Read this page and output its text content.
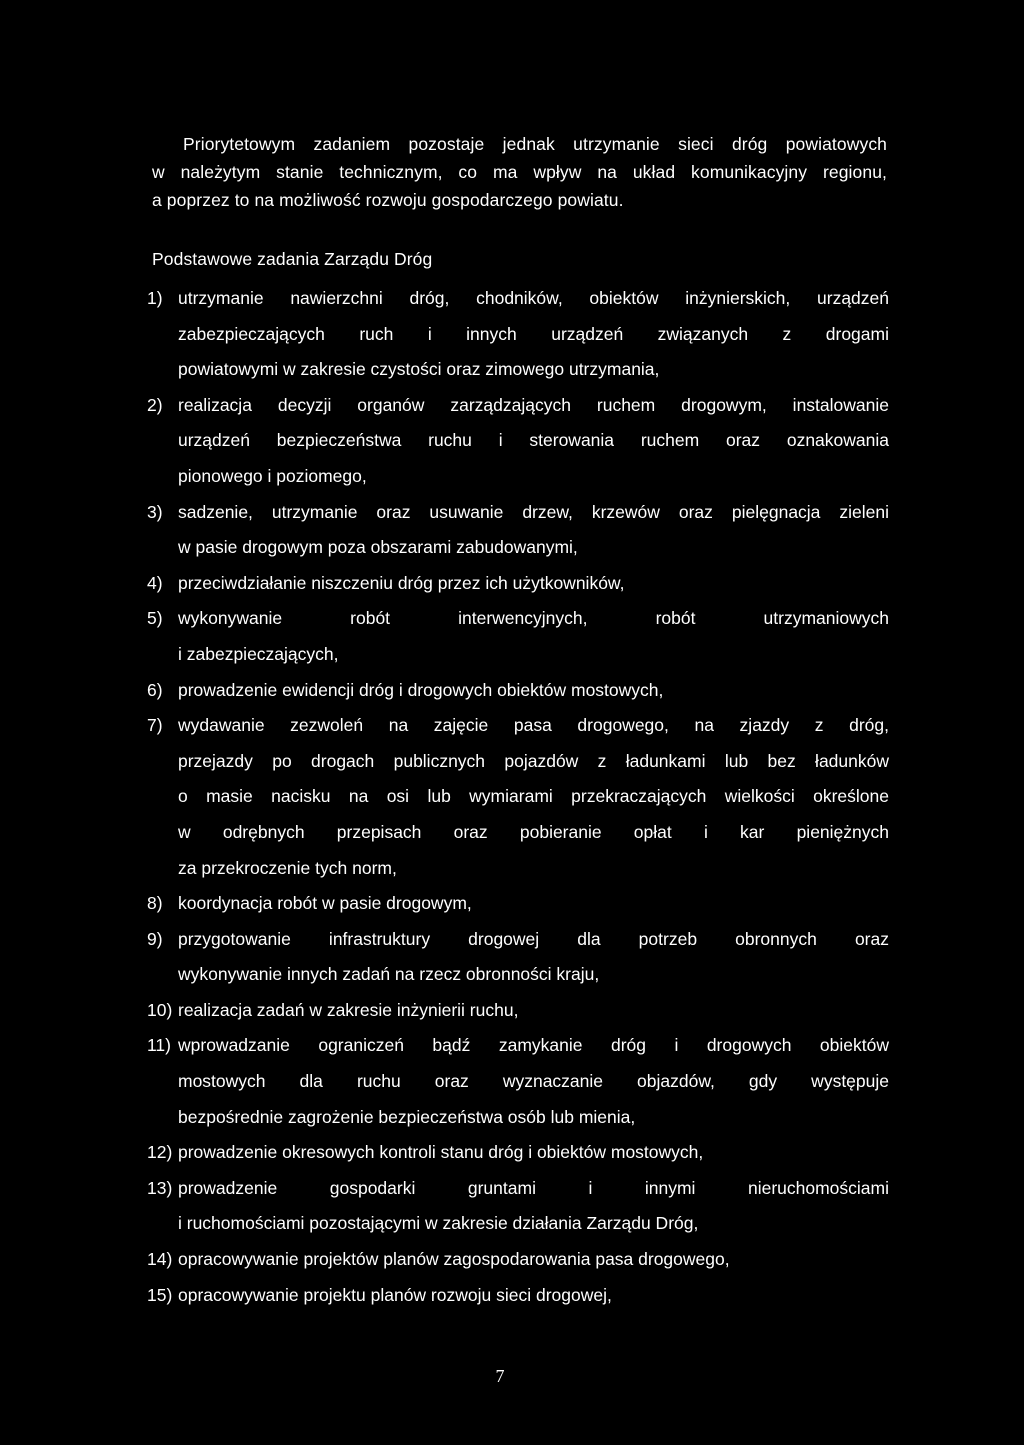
Priorytetowym zadaniem pozostaje jednak utrzymanie sieci dróg powiatowych
w należytym stanie technicznym, co ma wpływ na układ komunikacyjny regionu,
a poprzez to na możliwość rozwoju gospodarczego powiatu.
Podstawowe zadania Zarządu Dróg
1) utrzymanie nawierzchni dróg, chodników, obiektów inżynierskich, urządzeń
zabezpieczających ruch i innych urządzeń związanych z drogami
powiatowymi w zakresie czystości oraz zimowego utrzymania,
2) realizacja decyzji organów zarządzających ruchem drogowym, instalowanie
urządzeń bezpieczeństwa ruchu i sterowania ruchem oraz oznakowania
pionowego i poziomego,
3) sadzenie, utrzymanie oraz usuwanie drzew, krzewów oraz pielęgnacja zieleni
w pasie drogowym poza obszarami zabudowanymi,
4) przeciwdziałanie niszczeniu dróg przez ich użytkowników,
5) wykonywanie robót interwencyjnych, robót utrzymaniowych
i zabezpieczających,
6) prowadzenie ewidencji dróg i drogowych obiektów mostowych,
7) wydawanie zezwoleń na zajęcie pasa drogowego, na zjazdy z dróg,
przejazdy po drogach publicznych pojazdów z ładunkami lub bez ładunków
o masie nacisku na osi lub wymiarami przekraczających wielkości określone
w odrębnych przepisach oraz pobieranie opłat i kar pieniężnych
za przekroczenie tych norm,
8) koordynacja robót w pasie drogowym,
9) przygotowanie infrastruktury drogowej dla potrzeb obronnych oraz
wykonywanie innych zadań na rzecz obronności kraju,
10) realizacja zadań w zakresie inżynierii ruchu,
11) wprowadzanie ograniczeń bądź zamykanie dróg i drogowych obiektów
mostowych dla ruchu oraz wyznaczanie objazdów, gdy występuje
bezpośrednie zagrożenie bezpieczeństwa osób lub mienia,
12) prowadzenie okresowych kontroli stanu dróg i obiektów mostowych,
13) prowadzenie gospodarki gruntami i innymi nieruchomościami
i ruchomościami pozostającymi w zakresie działania Zarządu Dróg,
14) opracowywanie projektów planów zagospodarowania pasa drogowego,
15) opracowywanie projektu planów rozwoju sieci drogowej,
7
